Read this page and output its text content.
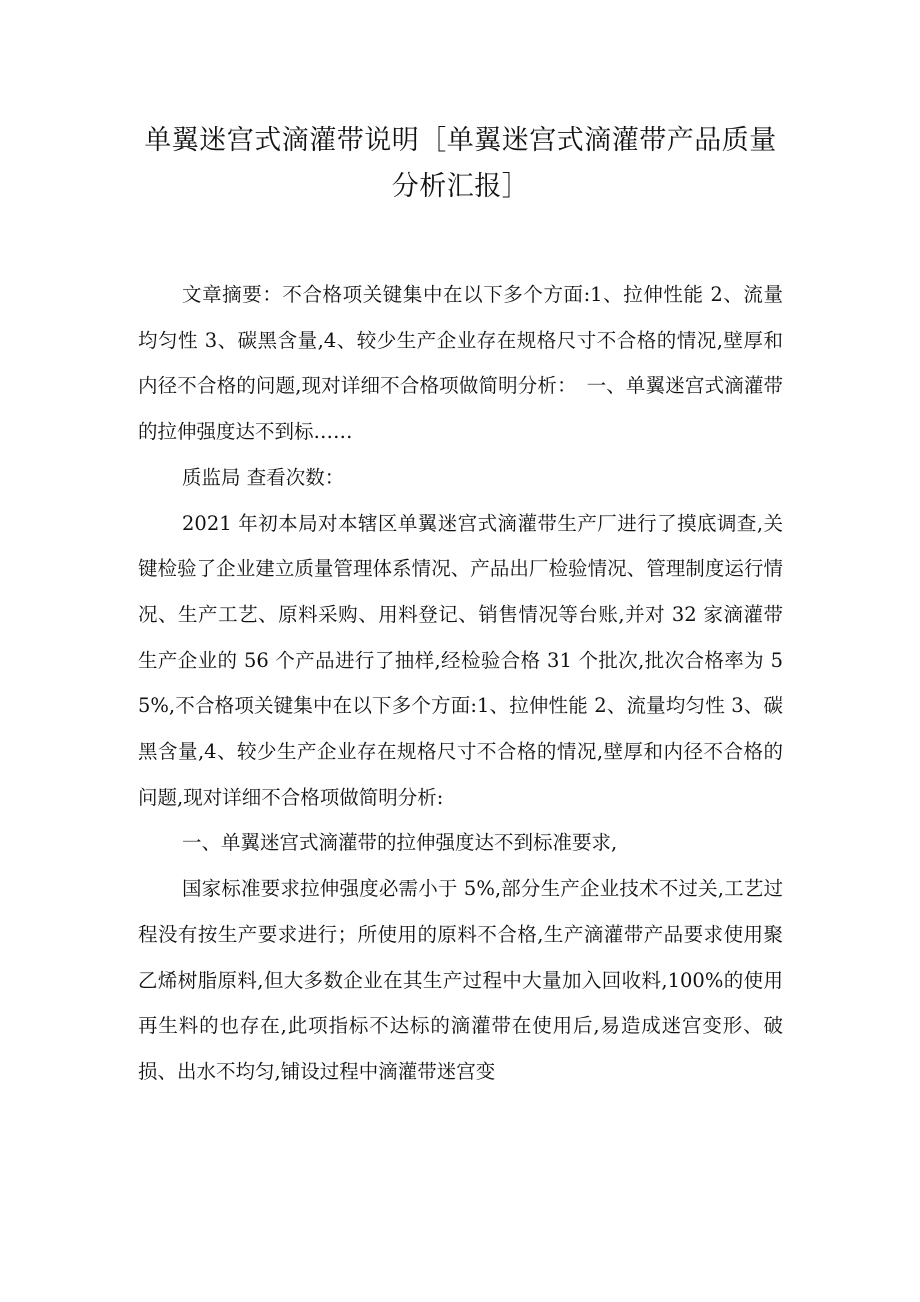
单翼迷宫式滴灌带说明［单翼迷宫式滴灌带产品质量分析汇报］

文章摘要：不合格项关键集中在以下多个方面:1、拉伸性能 2、流量均匀性 3、碳黑含量,4、较少生产企业存在规格尺寸不合格的情况,壁厚和内径不合格的问题,现对详细不合格项做简明分析：　一、单翼迷宫式滴灌带的拉伸强度达不到标……

质监局 查看次数：

2021 年初本局对本辖区单翼迷宫式滴灌带生产厂进行了摸底调查,关键检验了企业建立质量管理体系情况、产品出厂检验情况、管理制度运行情况、生产工艺、原料采购、用料登记、销售情况等台账,并对 32 家滴灌带生产企业的 56 个产品进行了抽样,经检验合格 31 个批次,批次合格率为 55%,不合格项关键集中在以下多个方面:1、拉伸性能 2、流量均匀性 3、碳黑含量,4、较少生产企业存在规格尺寸不合格的情况,壁厚和内径不合格的问题,现对详细不合格项做简明分析:

一、单翼迷宫式滴灌带的拉伸强度达不到标准要求,

国家标准要求拉伸强度必需小于 5%,部分生产企业技术不过关,工艺过程没有按生产要求进行；所使用的原料不合格,生产滴灌带产品要求使用聚乙烯树脂原料,但大多数企业在其生产过程中大量加入回收料,100%的使用再生料的也存在,此项指标不达标的滴灌带在使用后,易造成迷宫变形、破损、出水不均匀,铺设过程中滴灌带迷宫变
